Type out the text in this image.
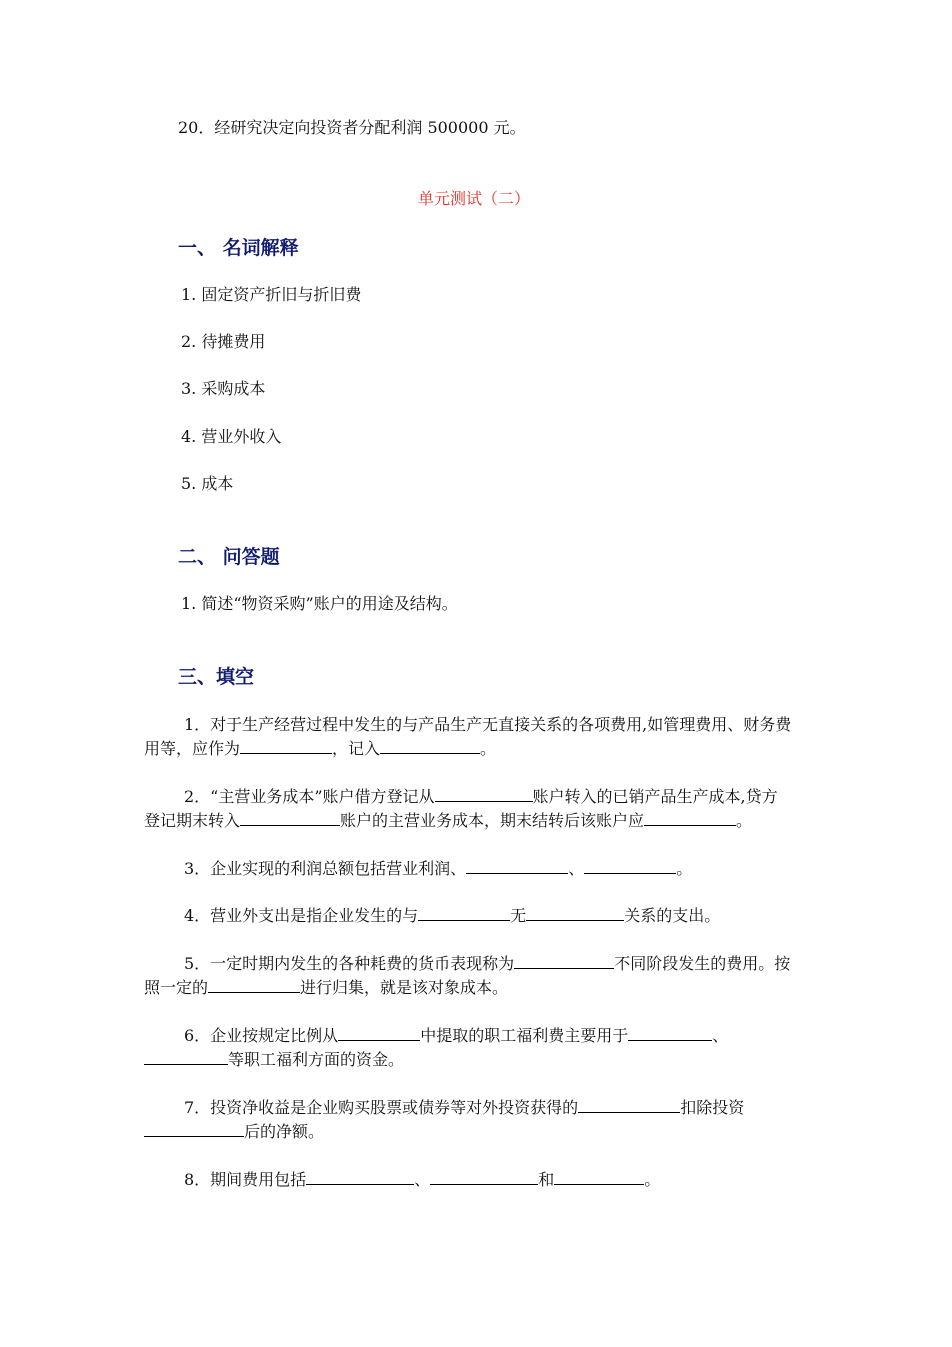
20．经研究决定向投资者分配利润 500000 元。
单元测试（二）
一、 名词解释
1. 固定资产折旧与折旧费
2. 待摊费用
3. 采购成本
4. 营业外收入
5. 成本
二、 问答题
1. 简述“物资采购”账户的用途及结构。
三、填空
1．对于生产经营过程中发生的与产品生产无直接关系的各项费用,如管理费用、财务费
用等，应作为	，记入	。
2．“主营业务成本”账户借方登记从	账户转入的已销产品生产成本,贷方
登记期末转入	账户的主营业务成本，期末结转后该账户应	。
3．企业实现的利润总额包括营业利润、	、	。
4．营业外支出是指企业发生的与	无	关系的支出。
5．一定时期内发生的各种耗费的货币表现称为	不同阶段发生的费用。按
照一定的	进行归集，就是该对象成本。
6．企业按规定比例从	中提取的职工福利费主要用于	、
等职工福利方面的资金。
7．投资净收益是企业购买股票或债券等对外投资获得的	扣除投资
后的净额。
8．期间费用包括	、	和	。
